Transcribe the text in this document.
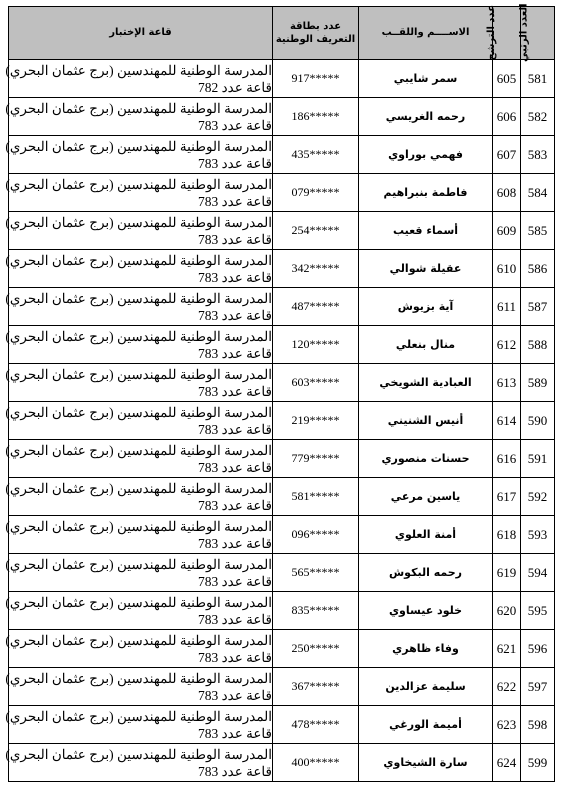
العدد الرتبي	عدد الترشح	الاســــم واللقــب	عدد بطاقة
التعريف الوطنية	قاعة الإختبار
581	605	سمر شايبي	917*****	المدرسة الوطنية للمهندسين (برج عثمان البحري)
قاعة عدد 782

582	606	رحمه الغريسي	186*****	المدرسة الوطنية للمهندسين (برج عثمان البحري)
قاعة عدد 783

583	607	فهمي بوراوي	435*****	المدرسة الوطنية للمهندسين (برج عثمان البحري)
قاعة عدد 783

584	608	فاطمة بنبراهيم	079*****	المدرسة الوطنية للمهندسين (برج عثمان البحري)
قاعة عدد 783

585	609	أسماء قعيب	254*****	المدرسة الوطنية للمهندسين (برج عثمان البحري)
قاعة عدد 783

586	610	عقيلة شوالي	342*****	المدرسة الوطنية للمهندسين (برج عثمان البحري)
قاعة عدد 783

587	611	آية بزيوش	487*****	المدرسة الوطنية للمهندسين (برج عثمان البحري)
قاعة عدد 783

588	612	منال بنعلي	120*****	المدرسة الوطنية للمهندسين (برج عثمان البحري)
قاعة عدد 783

589	613	العبادية الشويخي	603*****	المدرسة الوطنية للمهندسين (برج عثمان البحري)
قاعة عدد 783

590	614	أنيس الشنيني	219*****	المدرسة الوطنية للمهندسين (برج عثمان البحري)
قاعة عدد 783

591	616	حسنات منصوري	779*****	المدرسة الوطنية للمهندسين (برج عثمان البحري)
قاعة عدد 783

592	617	ياسين مرعي	581*****	المدرسة الوطنية للمهندسين (برج عثمان البحري)
قاعة عدد 783

593	618	أمنة العلوي	096*****	المدرسة الوطنية للمهندسين (برج عثمان البحري)
قاعة عدد 783

594	619	رحمه البكوش	565*****	المدرسة الوطنية للمهندسين (برج عثمان البحري)
قاعة عدد 783

595	620	خلود عيساوي	835*****	المدرسة الوطنية للمهندسين (برج عثمان البحري)
قاعة عدد 783

596	621	وفاء ظاهري	250*****	المدرسة الوطنية للمهندسين (برج عثمان البحري)
قاعة عدد 783

597	622	سليمة عزالدين	367*****	المدرسة الوطنية للمهندسين (برج عثمان البحري)
قاعة عدد 783

598	623	أميمة الورغي	478*****	المدرسة الوطنية للمهندسين (برج عثمان البحري)
قاعة عدد 783

599	624	سارة الشيخاوي	400*****	المدرسة الوطنية للمهندسين (برج عثمان البحري)
قاعة عدد 783
